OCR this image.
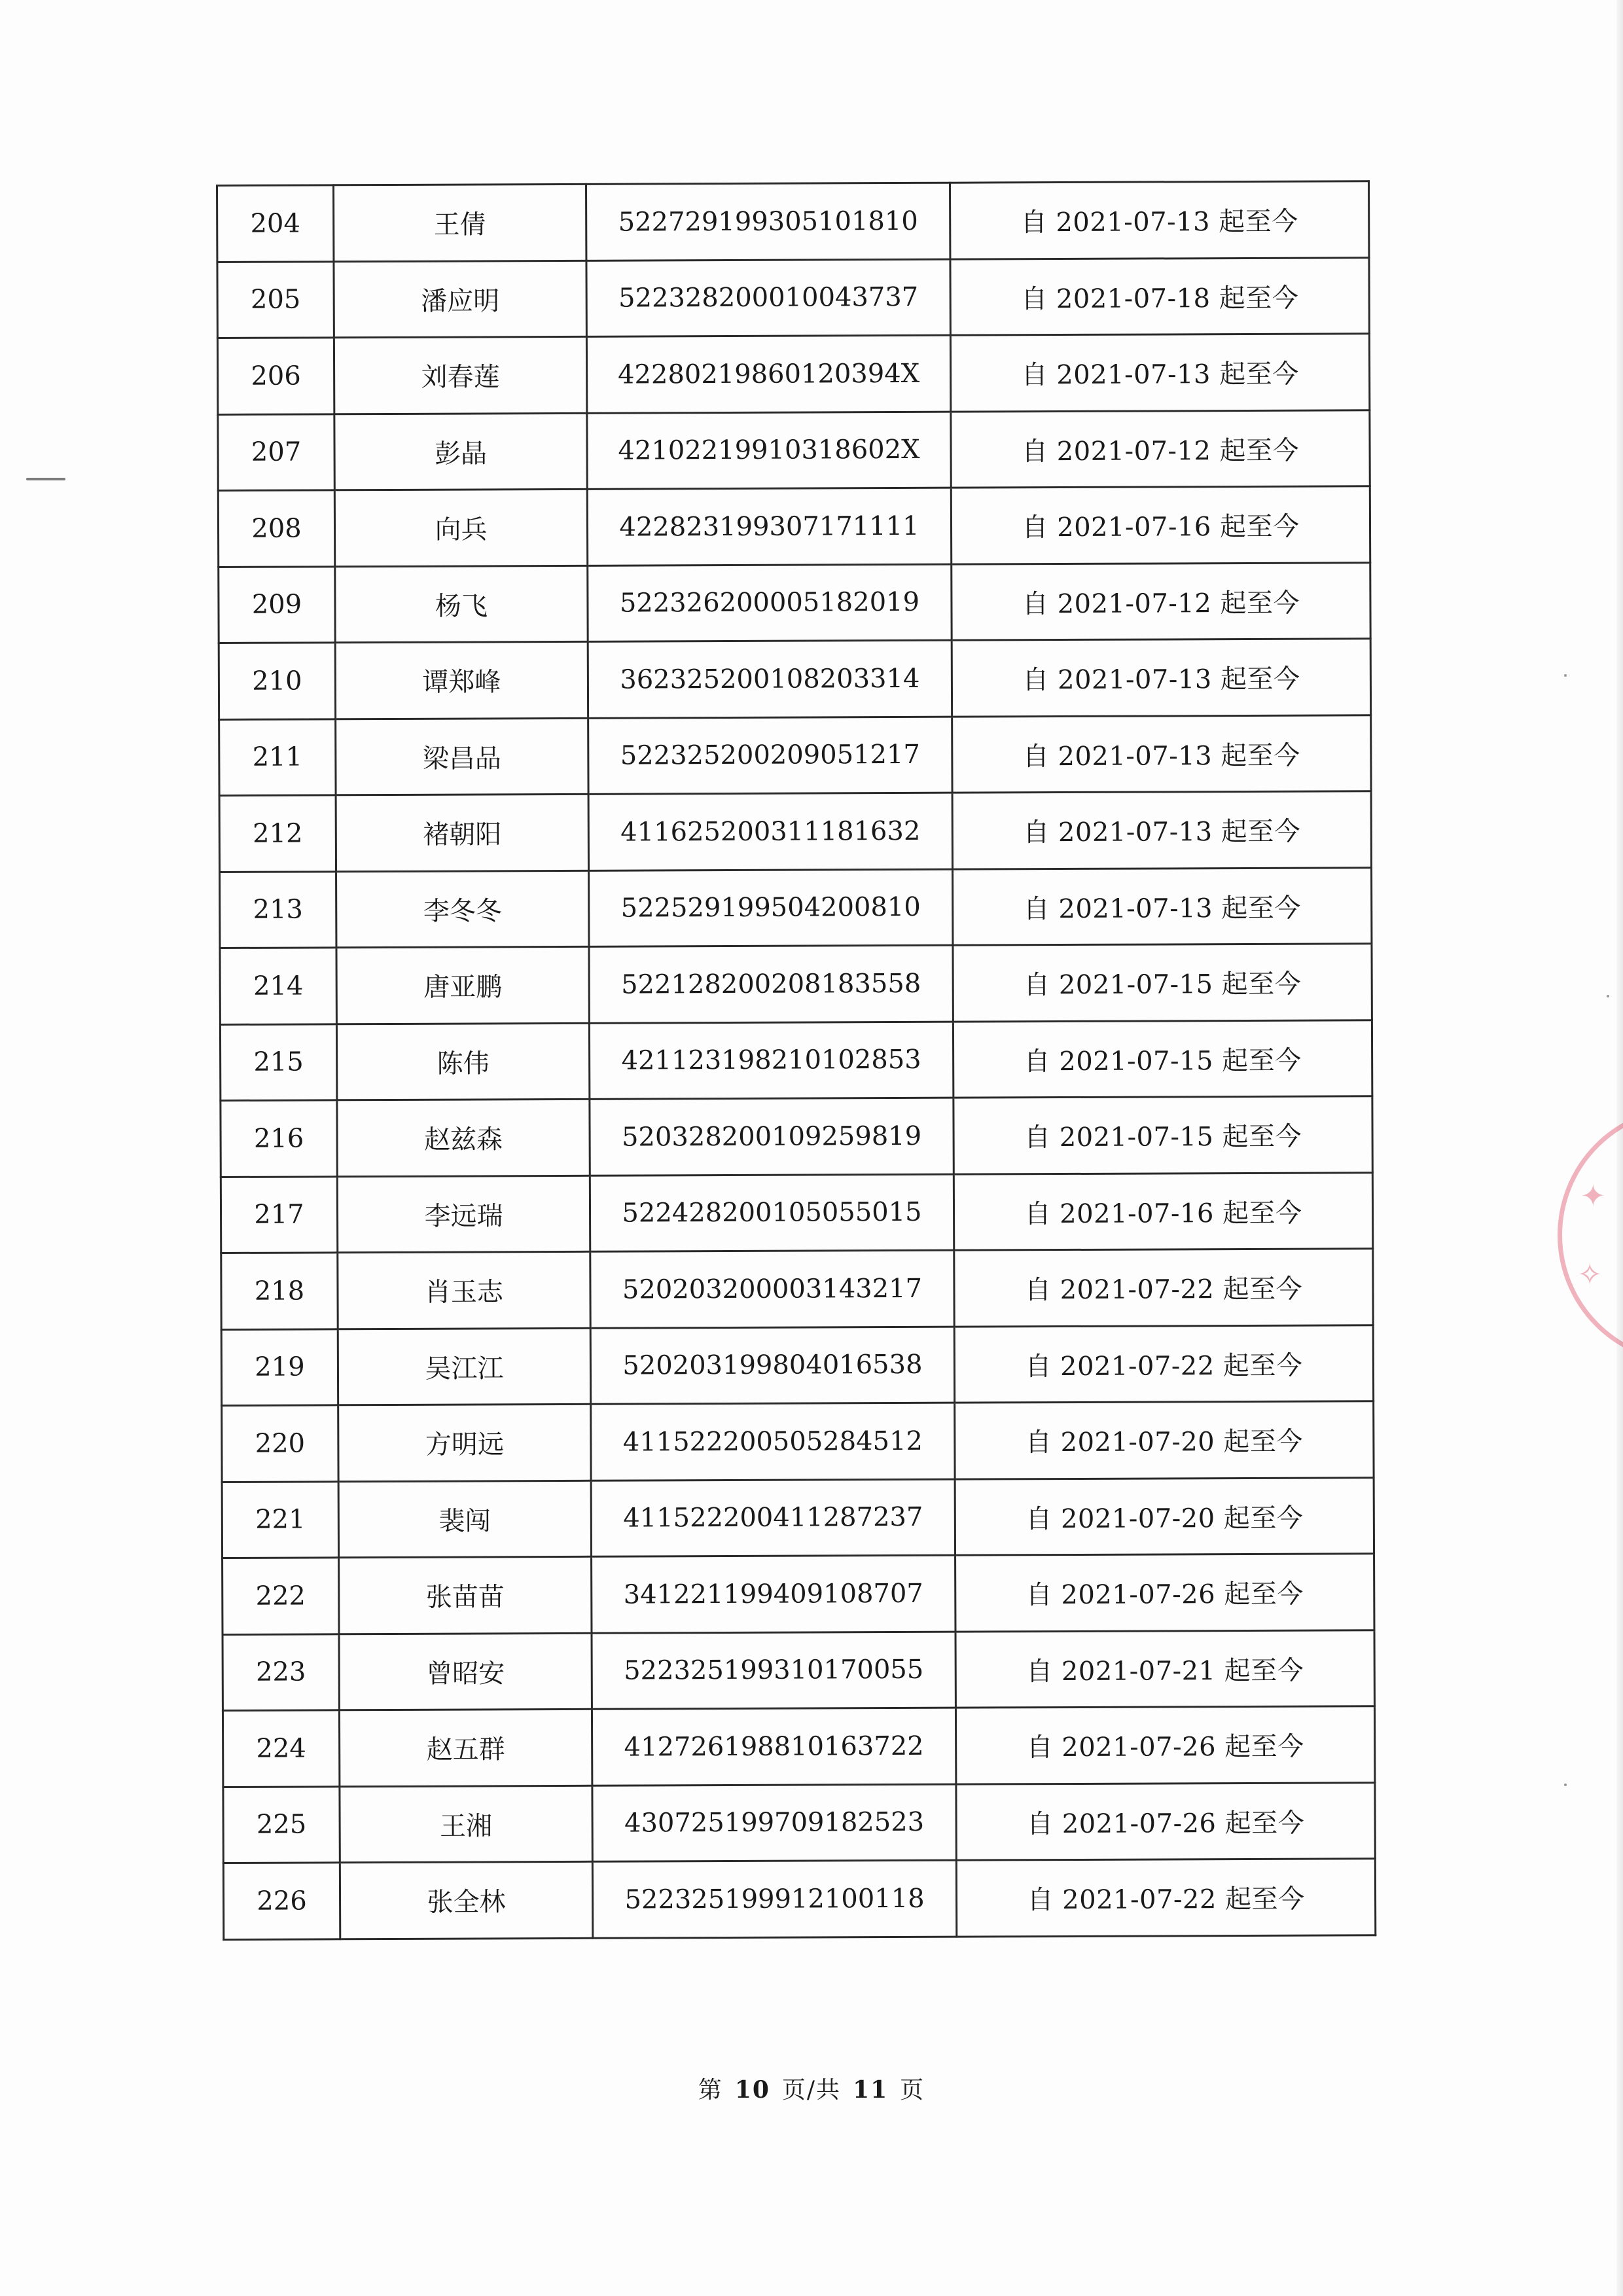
204	王倩	522729199305101810	自 2021-07-13 起至今
205	潘应明	522328200010043737	自 2021-07-18 起至今
206	刘春莲	42280219860120394X	自 2021-07-13 起至今
207	彭晶	42102219910318602X	自 2021-07-12 起至今
208	向兵	422823199307171111	自 2021-07-16 起至今
209	杨飞	522326200005182019	自 2021-07-12 起至今
210	谭郑峰	362325200108203314	自 2021-07-13 起至今
211	梁昌品	522325200209051217	自 2021-07-13 起至今
212	褚朝阳	411625200311181632	自 2021-07-13 起至今
213	李冬冬	522529199504200810	自 2021-07-13 起至今
214	唐亚鹏	522128200208183558	自 2021-07-15 起至今
215	陈伟	421123198210102853	自 2021-07-15 起至今
216	赵兹森	520328200109259819	自 2021-07-15 起至今
217	李远瑞	522428200105055015	自 2021-07-16 起至今
218	肖玉志	520203200003143217	自 2021-07-22 起至今
219	吴江江	520203199804016538	自 2021-07-22 起至今
220	方明远	411522200505284512	自 2021-07-20 起至今
221	裴闯	411522200411287237	自 2021-07-20 起至今
222	张苗苗	341221199409108707	自 2021-07-26 起至今
223	曾昭安	522325199310170055	自 2021-07-21 起至今
224	赵五群	412726198810163722	自 2021-07-26 起至今
225	王湘	430725199709182523	自 2021-07-26 起至今
226	张全林	522325199912100118	自 2021-07-22 起至今
第 10 页/共 11 页
✦
✧
